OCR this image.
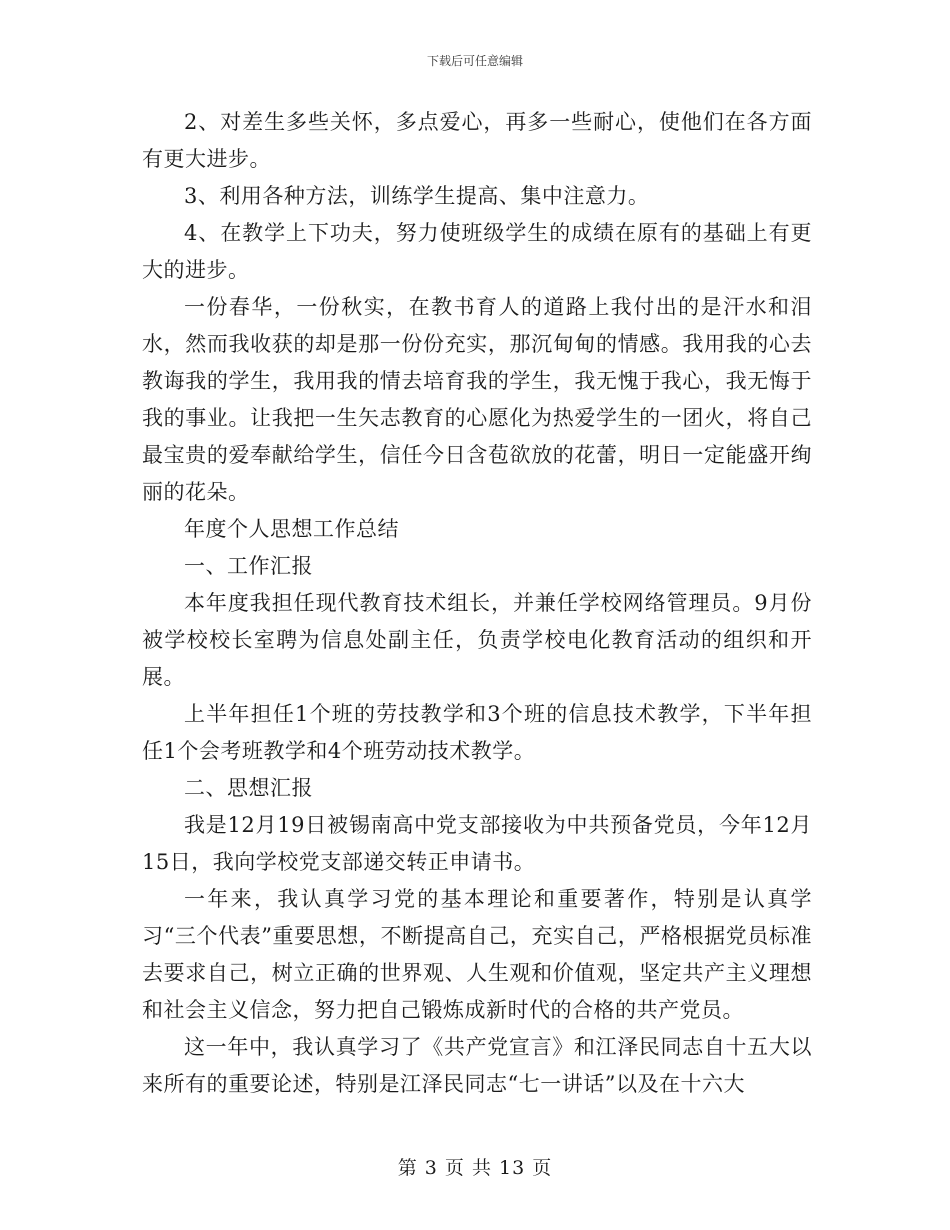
下载后可任意编辑

2、对差生多些关怀，多点爱心，再多一些耐心，使他们在各方面有更大进步。

3、利用各种方法，训练学生提高、集中注意力。

4、在教学上下功夫，努力使班级学生的成绩在原有的基础上有更大的进步。

一份春华，一份秋实，在教书育人的道路上我付出的是汗水和泪水，然而我收获的却是那一份份充实，那沉甸甸的情感。我用我的心去教诲我的学生，我用我的情去培育我的学生，我无愧于我心，我无悔于我的事业。让我把一生矢志教育的心愿化为热爱学生的一团火，将自己最宝贵的爱奉献给学生，信任今日含苞欲放的花蕾，明日一定能盛开绚丽的花朵。

年度个人思想工作总结

一、工作汇报

本年度我担任现代教育技术组长，并兼任学校网络管理员。9月份被学校校长室聘为信息处副主任，负责学校电化教育活动的组织和开展。

上半年担任1个班的劳技教学和3个班的信息技术教学，下半年担任1个会考班教学和4个班劳动技术教学。

二、思想汇报

我是12月19日被锡南高中党支部接收为中共预备党员，今年12月15日，我向学校党支部递交转正申请书。

一年来，我认真学习党的基本理论和重要著作，特别是认真学习“三个代表”重要思想，不断提高自己，充实自己，严格根据党员标准去要求自己，树立正确的世界观、人生观和价值观，坚定共产主义理想和社会主义信念，努力把自己锻炼成新时代的合格的共产党员。

这一年中，我认真学习了《共产党宣言》和江泽民同志自十五大以来所有的重要论述，特别是江泽民同志“七一讲话”以及在十六大

第 3 页 共 13 页
